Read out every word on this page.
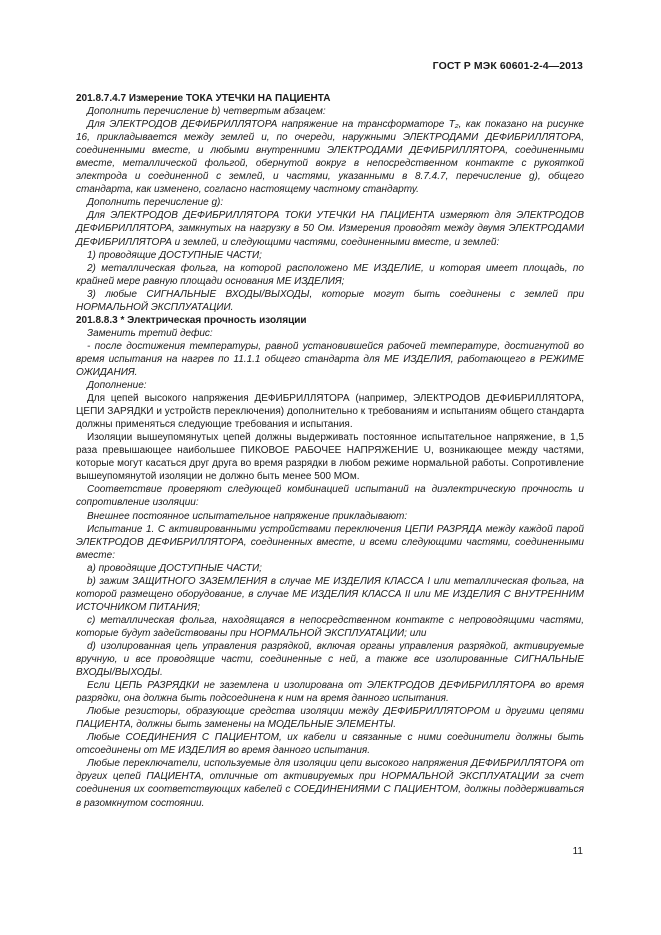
ГОСТ Р МЭК 60601-2-4—2013

201.8.7.4.7 Измерение ТОКА УТЕЧКИ НА ПАЦИЕНТА

Дополнить перечисление b) четвертым абзацем:

Для ЭЛЕКТРОДОВ ДЕФИБРИЛЛЯТОРА напряжение на трансформаторе T₂, как показано на рисунке 16, прикладывается между землей и, по очереди, наружными ЭЛЕКТРОДАМИ ДЕФИБРИЛЛЯТОРА, соединенными вместе, и любыми внутренними ЭЛЕКТРОДАМИ ДЕФИБРИЛЛЯТОРА, соединенными вместе, металлической фольгой, обернутой вокруг в непосредственном контакте с рукояткой электрода и соединенной с землей, и частями, указанными в 8.7.4.7, перечисление g), общего стандарта, как изменено, согласно настоящему частному стандарту.

Дополнить перечисление g):

Для ЭЛЕКТРОДОВ ДЕФИБРИЛЛЯТОРА ТОКИ УТЕЧКИ НА ПАЦИЕНТА измеряют для ЭЛЕКТРОДОВ ДЕФИБРИЛЛЯТОРА, замкнутых на нагрузку в 50 Ом. Измерения проводят между двумя ЭЛЕКТРОДАМИ ДЕФИБРИЛЛЯТОРА и землей, и следующими частями, соединенными вместе, и землей:

1) проводящие ДОСТУПНЫЕ ЧАСТИ;

2) металлическая фольга, на которой расположено МЕ ИЗДЕЛИЕ, и которая имеет площадь, по крайней мере равную площади основания МЕ ИЗДЕЛИЯ;

3) любые СИГНАЛЬНЫЕ ВХОДЫ/ВЫХОДЫ, которые могут быть соединены с землей при НОРМАЛЬНОЙ ЭКСПЛУАТАЦИИ.

201.8.8.3 * Электрическая прочность изоляции

Заменить третий дефис:

- после достижения температуры, равной установившейся рабочей температуре, достигнутой во время испытания на нагрев по 11.1.1 общего стандарта для МЕ ИЗДЕЛИЯ, работающего в РЕЖИМЕ ОЖИДАНИЯ.

Дополнение:

Для цепей высокого напряжения ДЕФИБРИЛЛЯТОРА (например, ЭЛЕКТРОДОВ ДЕФИБРИЛЛЯТОРА, ЦЕПИ ЗАРЯДКИ и устройств переключения) дополнительно к требованиям и испытаниям общего стандарта должны применяться следующие требования и испытания.

Изоляции вышеупомянутых цепей должны выдерживать постоянное испытательное напряжение, в 1,5 раза превышающее наибольшее ПИКОВОЕ РАБОЧЕЕ НАПРЯЖЕНИЕ U, возникающее между частями, которые могут касаться друг друга во время разрядки в любом режиме нормальной работы. Сопротивление вышеупомянутой изоляции не должно быть менее 500 МОм.

Соответствие проверяют следующей комбинацией испытаний на диэлектрическую прочность и сопротивление изоляции:

Внешнее постоянное испытательное напряжение прикладывают:

Испытание 1. С активированными устройствами переключения ЦЕПИ РАЗРЯДА между каждой парой ЭЛЕКТРОДОВ ДЕФИБРИЛЛЯТОРА, соединенных вместе, и всеми следующими частями, соединенными вместе:

a) проводящие ДОСТУПНЫЕ ЧАСТИ;

b) зажим ЗАЩИТНОГО ЗАЗЕМЛЕНИЯ в случае МЕ ИЗДЕЛИЯ КЛАССА I или металлическая фольга, на которой размещено оборудование, в случае МЕ ИЗДЕЛИЯ КЛАССА II или МЕ ИЗДЕЛИЯ С ВНУТРЕННИМ ИСТОЧНИКОМ ПИТАНИЯ;

c) металлическая фольга, находящаяся в непосредственном контакте с непроводящими частями, которые будут задействованы при НОРМАЛЬНОЙ ЭКСПЛУАТАЦИИ; или

d) изолированная цепь управления разрядкой, включая органы управления разрядкой, активируемые вручную, и все проводящие части, соединенные с ней, а также все изолированные СИГНАЛЬНЫЕ ВХОДЫ/ВЫХОДЫ.

Если ЦЕПЬ РАЗРЯДКИ не заземлена и изолирована от ЭЛЕКТРОДОВ ДЕФИБРИЛЛЯТОРА во время разрядки, она должна быть подсоединена к ним на время данного испытания.

Любые резисторы, образующие средства изоляции между ДЕФИБРИЛЛЯТОРОМ и другими цепями ПАЦИЕНТА, должны быть заменены на МОДЕЛЬНЫЕ ЭЛЕМЕНТЫ.

Любые СОЕДИНЕНИЯ С ПАЦИЕНТОМ, их кабели и связанные с ними соединители должны быть отсоединены от МЕ ИЗДЕЛИЯ во время данного испытания.

Любые переключатели, используемые для изоляции цепи высокого напряжения ДЕФИБРИЛЛЯТОРА от других цепей ПАЦИЕНТА, отличные от активируемых при НОРМАЛЬНОЙ ЭКСПЛУАТАЦИИ за счет соединения их соответствующих кабелей с СОЕДИНЕНИЯМИ С ПАЦИЕНТОМ, должны поддерживаться в разомкнутом состоянии.

11
